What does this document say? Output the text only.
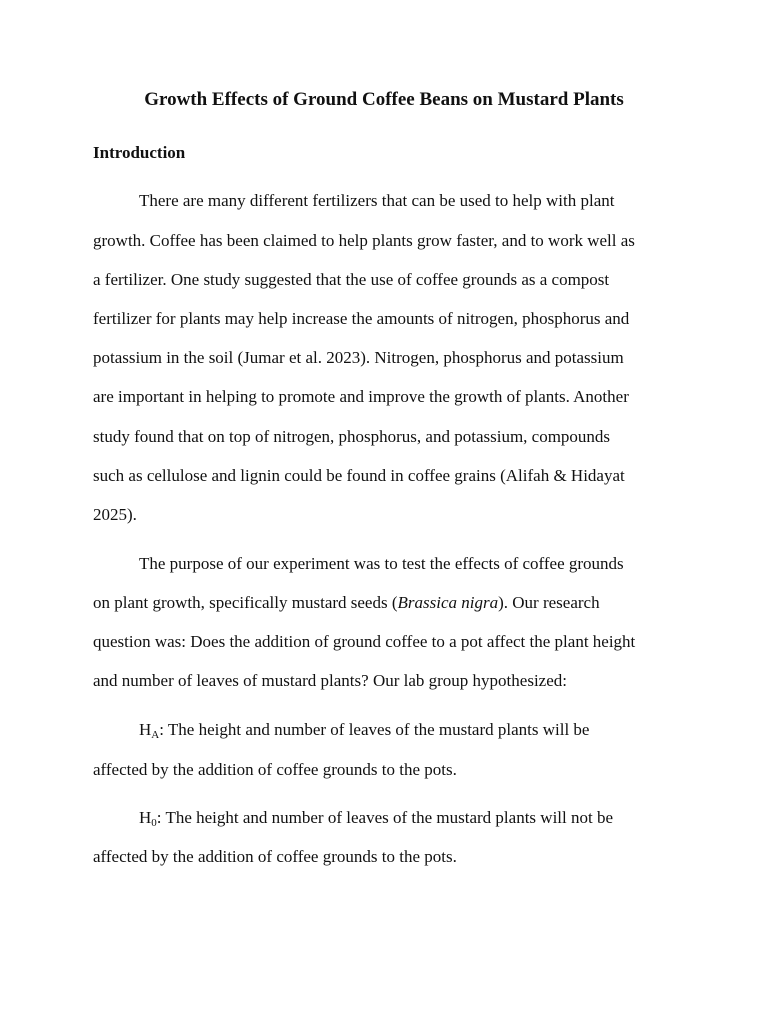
Growth Effects of Ground Coffee Beans on Mustard Plants
Introduction
There are many different fertilizers that can be used to help with plant
growth. Coffee has been claimed to help plants grow faster, and to work well as
a fertilizer. One study suggested that the use of coffee grounds as a compost
fertilizer for plants may help increase the amounts of nitrogen, phosphorus and
potassium in the soil (Jumar et al. 2023). Nitrogen, phosphorus and potassium
are important in helping to promote and improve the growth of plants. Another
study found that on top of nitrogen, phosphorus, and potassium, compounds
such as cellulose and lignin could be found in coffee grains (Alifah & Hidayat
2025).
The purpose of our experiment was to test the effects of coffee grounds
on plant growth, specifically mustard seeds (Brassica nigra). Our research
question was: Does the addition of ground coffee to a pot affect the plant height
and number of leaves of mustard plants? Our lab group hypothesized:
$H_A$: The height and number of leaves of the mustard plants will be
affected by the addition of coffee grounds to the pots.
$H_0$: The height and number of leaves of the mustard plants will not be
affected by the addition of coffee grounds to the pots.
